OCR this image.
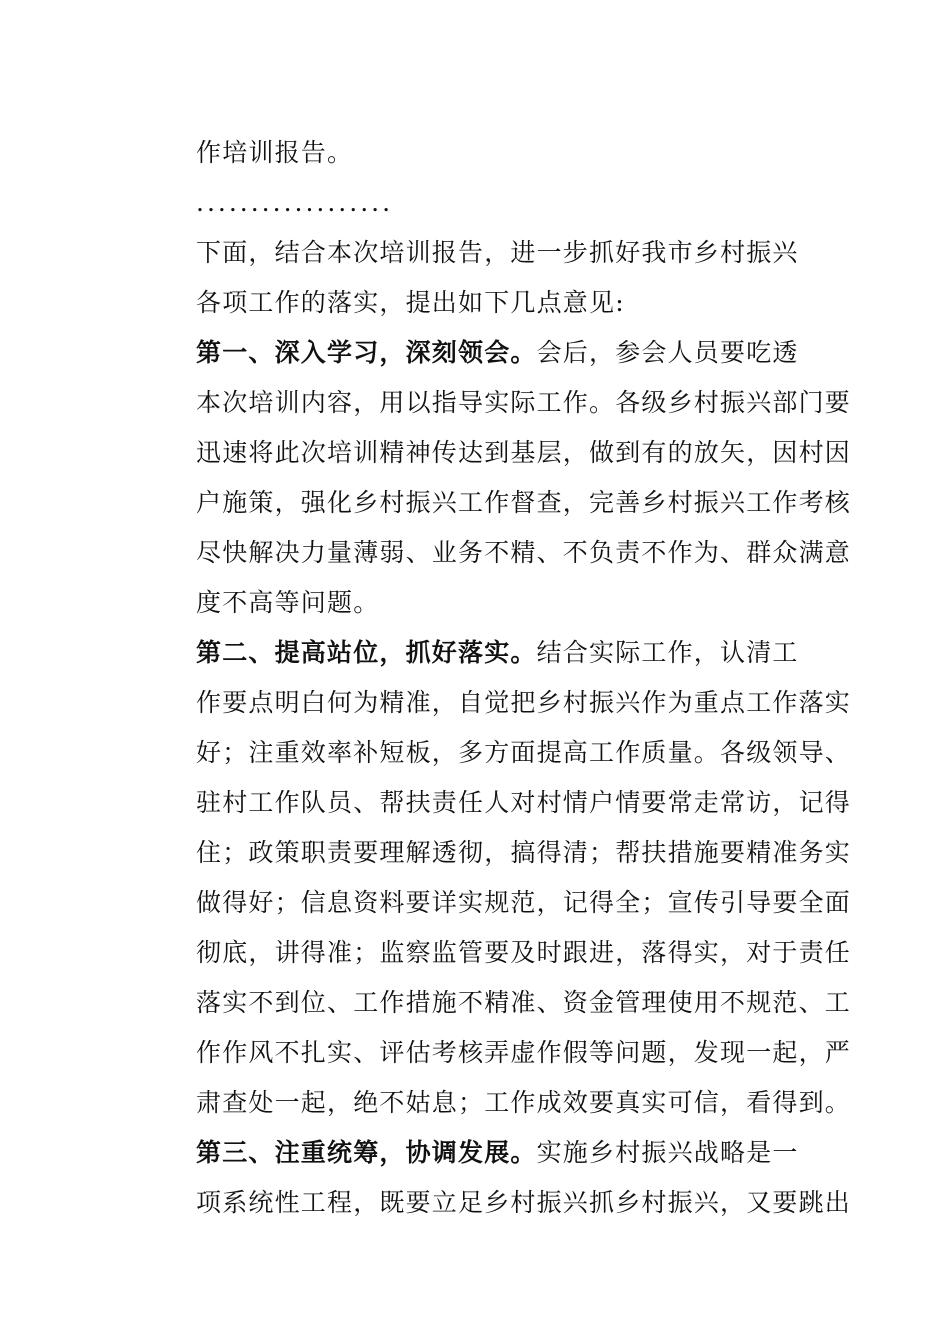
作培训报告。

..................

下面，结合本次培训报告，进一步抓好我市乡村振兴
各项工作的落实，提出如下几点意见:

第一、深入学习，深刻领会。会后，参会人员要吃透
本次培训内容，用以指导实际工作。各级乡村振兴部门要
迅速将此次培训精神传达到基层，做到有的放矢，因村因
户施策，强化乡村振兴工作督查，完善乡村振兴工作考核
尽快解决力量薄弱、业务不精、不负责不作为、群众满意
度不高等问题。

第二、提高站位，抓好落实。结合实际工作，认清工
作要点明白何为精准，自觉把乡村振兴作为重点工作落实
好；注重效率补短板，多方面提高工作质量。各级领导、
驻村工作队员、帮扶责任人对村情户情要常走常访，记得
住；政策职责要理解透彻，搞得清；帮扶措施要精准务实
做得好；信息资料要详实规范，记得全；宣传引导要全面
彻底，讲得准；监察监管要及时跟进，落得实，对于责任
落实不到位、工作措施不精准、资金管理使用不规范、工
作作风不扎实、评估考核弄虚作假等问题，发现一起，严
肃查处一起，绝不姑息；工作成效要真实可信，看得到。

第三、注重统筹，协调发展。实施乡村振兴战略是一
项系统性工程，既要立足乡村振兴抓乡村振兴，又要跳出
